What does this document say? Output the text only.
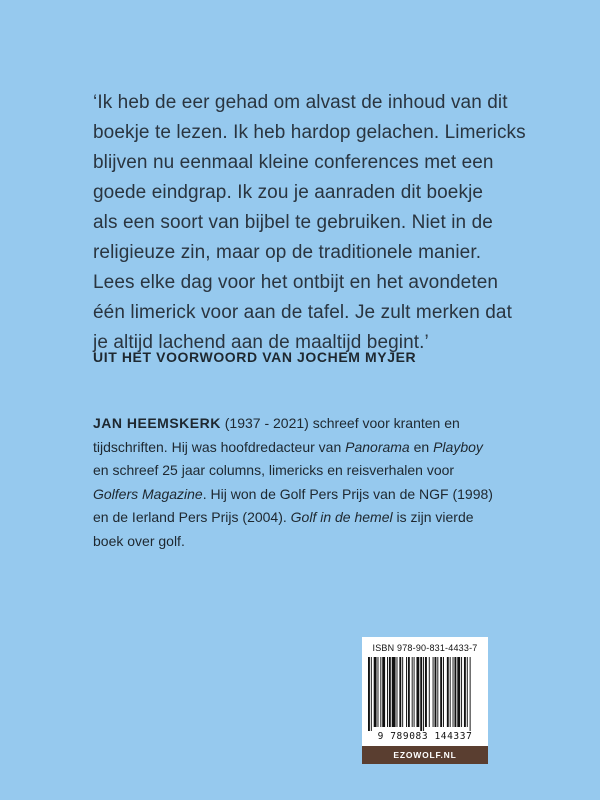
‘Ik heb de eer gehad om alvast de inhoud van dit
boekje te lezen. Ik heb hardop gelachen. Limericks
blijven nu eenmaal kleine conferences met een
goede eindgrap. Ik zou je aanraden dit boekje
als een soort van bijbel te gebruiken. Niet in de
religieuze zin, maar op de traditionele manier.
Lees elke dag voor het ontbijt en het avondeten
één limerick voor aan de tafel. Je zult merken dat
je altijd lachend aan de maaltijd begint.’
UIT HET VOORWOORD VAN JOCHEM MYJER
JAN HEEMSKERK (1937 - 2021) schreef voor kranten en
tijdschriften. Hij was hoofdredacteur van Panorama en Playboy
en schreef 25 jaar columns, limericks en reisverhalen voor
Golfers Magazine. Hij won de Golf Pers Prijs van de NGF (1998)
en de Ierland Pers Prijs (2004). Golf in de hemel is zijn vierde
boek over golf.
ISBN 978-90-831-4433-7
9 789083 144337
EZOWOLF.NL
